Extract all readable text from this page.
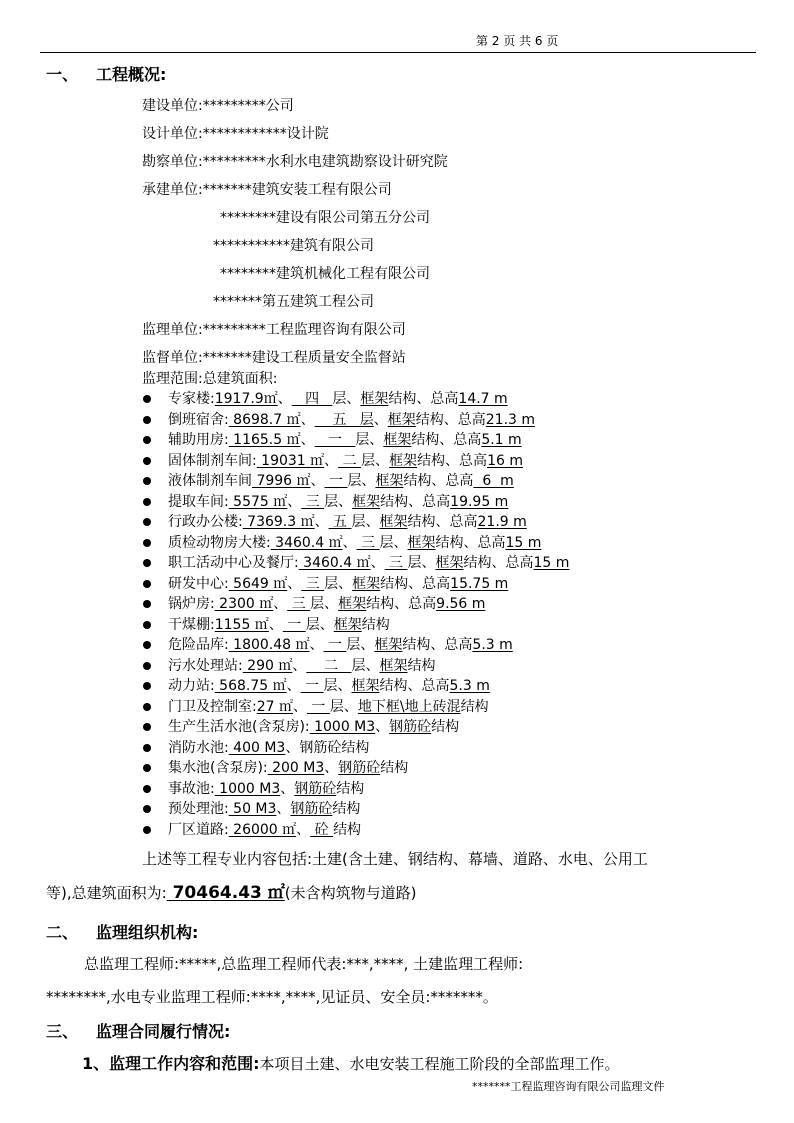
第 2 页 共 6 页
一、 工程概况:
建设单位:*********公司
设计单位:************设计院
勘察单位:*********水利水电建筑勘察设计研究院
承建单位:*******建筑安装工程有限公司
********建设有限公司第五分公司
***********建筑有限公司
********建筑机械化工程有限公司
*******第五建筑工程公司
监理单位:*********工程监理咨询有限公司
监督单位:*******建设工程质量安全监督站
监理范围:总建筑面积:
专家楼:1917.9㎡、   四   层、框架结构、总高14.7 m
倒班宿舍: 8698.7 ㎡、    五   层、框架结构、总高21.3 m
辅助用房: 1165.5 ㎡、   一   层、框架结构、总高5.1 m
固体制剂车间: 19031 ㎡、 二 层、框架结构、总高16 m
液体制剂车间 7996 ㎡、 一 层、框架结构、总高  6  m
提取车间: 5575 ㎡、 三 层、框架结构、总高19.95 m
行政办公楼: 7369.3 ㎡、 五 层、框架结构、总高21.9 m
质检动物房大楼: 3460.4 ㎡、 三 层、框架结构、总高15 m
职工活动中心及餐厅: 3460.4 ㎡、 三 层、框架结构、总高15 m
研发中心: 5649 ㎡、 三 层、框架结构、总高15.75 m
锅炉房: 2300 ㎡、 三 层、框架结构、总高9.56 m
干煤棚:1155 ㎡、 一 层、框架结构
危险品库: 1800.48 ㎡、 一 层、框架结构、总高5.3 m
污水处理站: 290 ㎡、    二   层、框架结构
动力站: 568.75 ㎡、 一 层、框架结构、总高5.3 m
门卫及控制室:27 ㎡、 一 层、地下框\地上砖混结构
生产生活水池(含泵房): 1000 M3、钢筋砼结构
消防水池: 400 M3、钢筋砼结构
集水池(含泵房): 200 M3、钢筋砼结构
事故池: 1000 M3、钢筋砼结构
预处理池: 50 M3、钢筋砼结构
厂区道路: 26000 ㎡、 砼 结构
上述等工程专业内容包括:土建(含土建、钢结构、幕墙、道路、水电、公用工
等),总建筑面积为: 70464.43 ㎡(未含构筑物与道路)
二、 监理组织机构:
总监理工程师:*****,总监理工程师代表:***,****, 土建监理工程师:
********,水电专业监理工程师:****,****,见证员、安全员:*******。
三、 监理合同履行情况:
1、监理工作内容和范围:本项目土建、水电安装工程施工阶段的全部监理工作。
*******工程监理咨询有限公司监理文件
